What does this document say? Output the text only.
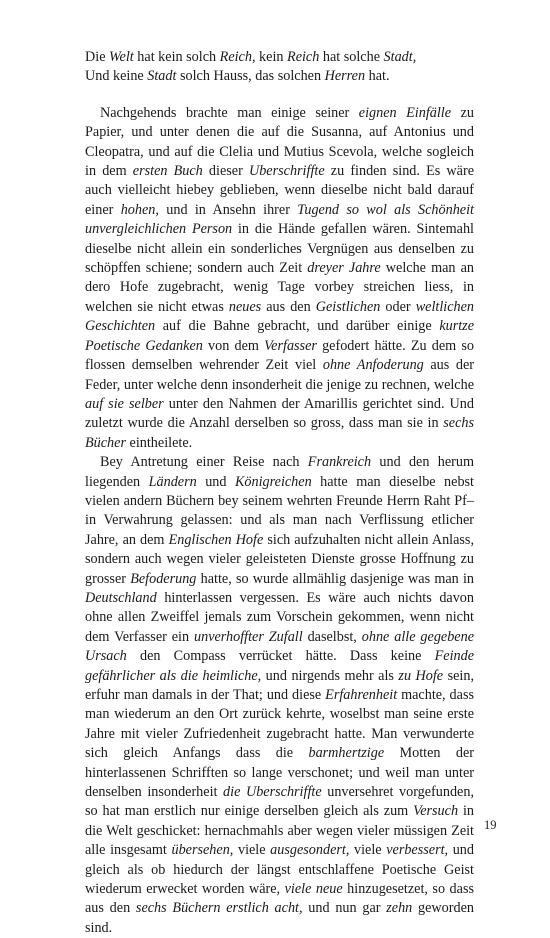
Die Welt hat kein solch Reich, kein Reich hat solche Stadt,
Und keine Stadt solch Hauss, das solchen Herren hat.

Nachgehends brachte man einige seiner eignen Einfälle zu Papier, und unter denen die auf die Susanna, auf Antonius und Cleopatra, und auf die Clelia und Mutius Scevola, welche sogleich in dem ersten Buch dieser Uberschriffte zu finden sind. Es wäre auch vielleicht hiebey geblieben, wenn dieselbe nicht bald darauf einer hohen, und in Ansehn ihrer Tugend so wol als Schönheit unvergleichlichen Person in die Hände gefallen wären. Sintemahl dieselbe nicht allein ein sonderliches Vergnügen aus denselben zu schöpffen schiene; sondern auch Zeit dreyer Jahre welche man an dero Hofe zugebracht, wenig Tage vorbey streichen liess, in welchen sie nicht etwas neues aus den Geistlichen oder weltlichen Geschichten auf die Bahne gebracht, und darüber einige kurtze Poetische Gedanken von dem Verfasser gefodert hätte. Zu dem so flossen demselben wehrender Zeit viel ohne Anfoderung aus der Feder, unter welche denn insonderheit die jenige zu rechnen, welche auf sie selber unter den Nahmen der Amarillis gerichtet sind. Und zuletzt wurde die Anzahl derselben so gross, dass man sie in sechs Bücher eintheilete.

Bey Antretung einer Reise nach Frankreich und den herum liegenden Ländern und Königreichen hatte man dieselbe nebst vielen andern Büchern bey seinem wehrten Freunde Herrn Raht Pf– in Verwahrung gelassen: und als man nach Verflissung etlicher Jahre, an dem Englischen Hofe sich aufzuhalten nicht allein Anlass, sondern auch wegen vieler geleisteten Dienste grosse Hoffnung zu grosser Befoderung hatte, so wurde allmählig dasjenige was man in Deutschland hinterlassen vergessen. Es wäre auch nichts davon ohne allen Zweiffel jemals zum Vorschein gekommen, wenn nicht dem Verfasser ein unverhoffter Zufall daselbst, ohne alle gegebene Ursach den Compass verrücket hätte. Dass keine Feinde gefährlicher als die heimliche, und nirgends mehr als zu Hofe sein, erfuhr man damals in der That; und diese Erfahrenheit machte, dass man wiederum an den Ort zurück kehrte, woselbst man seine erste Jahre mit vieler Zufriedenheit zugebracht hatte. Man verwunderte sich gleich Anfangs dass die barmhertzige Motten der hinterlassenen Schrifften so lange verschonet; und weil man unter denselben insonderheit die Uberschriffte unversehret vorgefunden, so hat man erstlich nur einige derselben gleich als zum Versuch in die Welt geschicket: hernachmahls aber wegen vieler müssigen Zeit alle insgesamt übersehen, viele ausgesondert, viele verbessert, und gleich als ob hiedurch der längst entschlaffene Poetische Geist wiederum erwecket worden wäre, viele neue hinzugesetzet, so dass aus den sechs Büchern erstlich acht, und nun gar zehn geworden sind.

19
